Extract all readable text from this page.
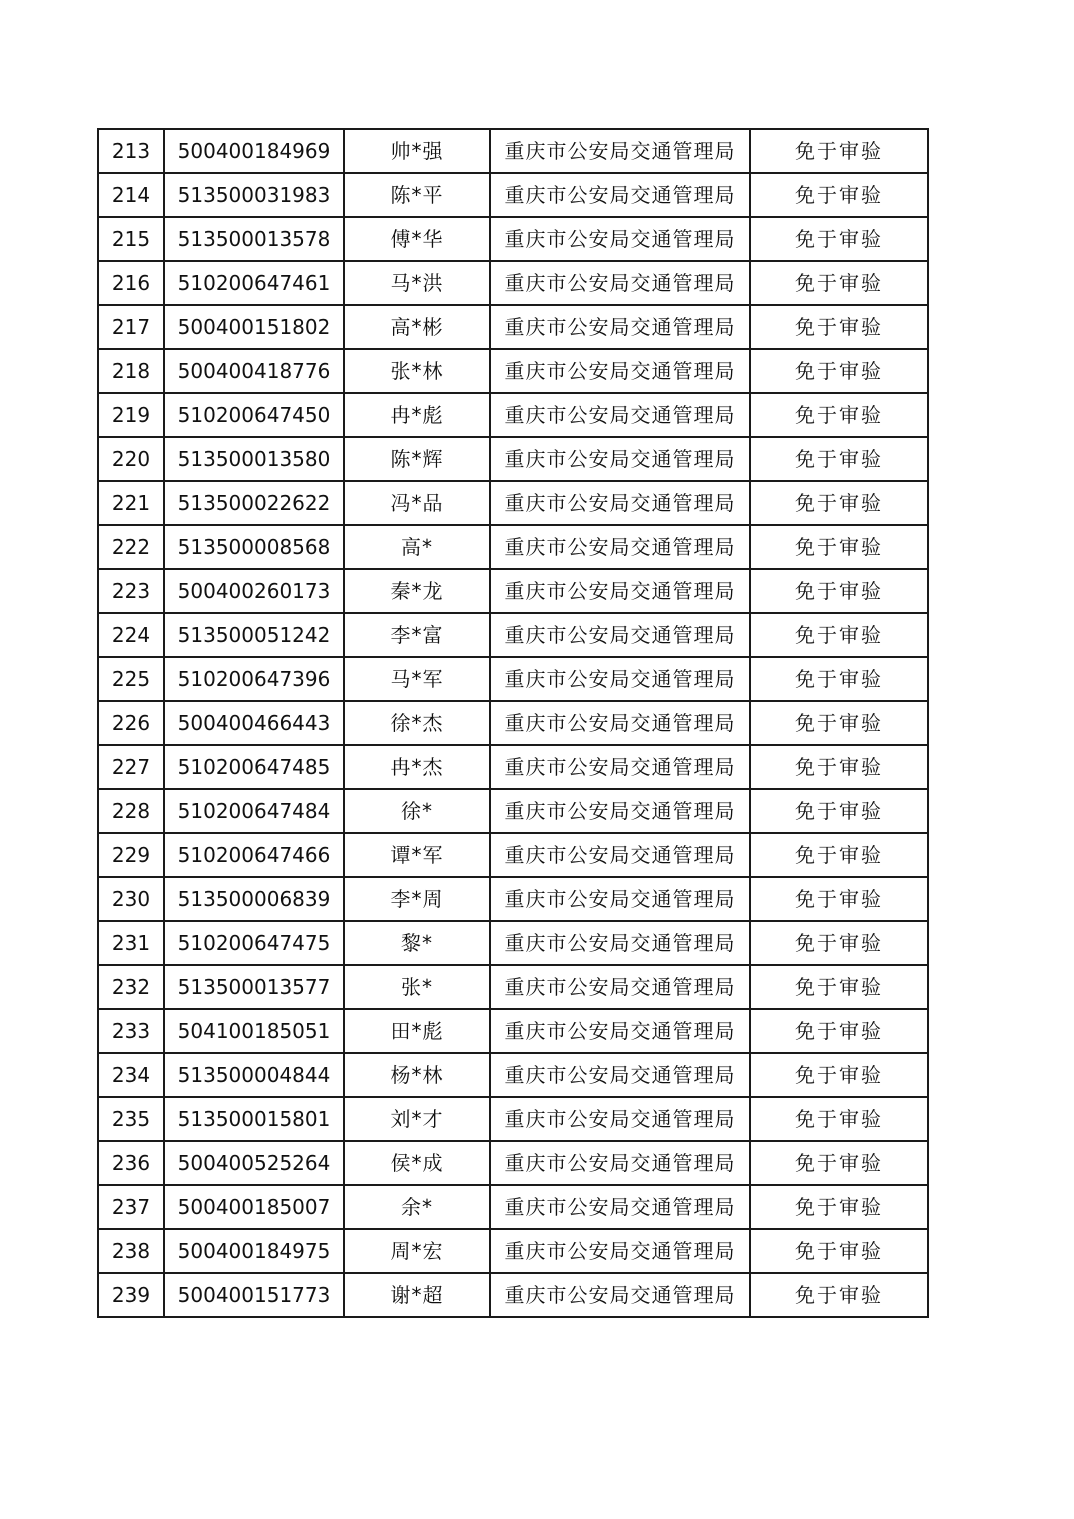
213	500400184969	帅*强	重庆市公安局交通管理局	免于审验
214	513500031983	陈*平	重庆市公安局交通管理局	免于审验
215	513500013578	傅*华	重庆市公安局交通管理局	免于审验
216	510200647461	马*洪	重庆市公安局交通管理局	免于审验
217	500400151802	高*彬	重庆市公安局交通管理局	免于审验
218	500400418776	张*林	重庆市公安局交通管理局	免于审验
219	510200647450	冉*彪	重庆市公安局交通管理局	免于审验
220	513500013580	陈*辉	重庆市公安局交通管理局	免于审验
221	513500022622	冯*品	重庆市公安局交通管理局	免于审验
222	513500008568	高*	重庆市公安局交通管理局	免于审验
223	500400260173	秦*龙	重庆市公安局交通管理局	免于审验
224	513500051242	李*富	重庆市公安局交通管理局	免于审验
225	510200647396	马*军	重庆市公安局交通管理局	免于审验
226	500400466443	徐*杰	重庆市公安局交通管理局	免于审验
227	510200647485	冉*杰	重庆市公安局交通管理局	免于审验
228	510200647484	徐*	重庆市公安局交通管理局	免于审验
229	510200647466	谭*军	重庆市公安局交通管理局	免于审验
230	513500006839	李*周	重庆市公安局交通管理局	免于审验
231	510200647475	黎*	重庆市公安局交通管理局	免于审验
232	513500013577	张*	重庆市公安局交通管理局	免于审验
233	504100185051	田*彪	重庆市公安局交通管理局	免于审验
234	513500004844	杨*林	重庆市公安局交通管理局	免于审验
235	513500015801	刘*才	重庆市公安局交通管理局	免于审验
236	500400525264	侯*成	重庆市公安局交通管理局	免于审验
237	500400185007	余*	重庆市公安局交通管理局	免于审验
238	500400184975	周*宏	重庆市公安局交通管理局	免于审验
239	500400151773	谢*超	重庆市公安局交通管理局	免于审验
